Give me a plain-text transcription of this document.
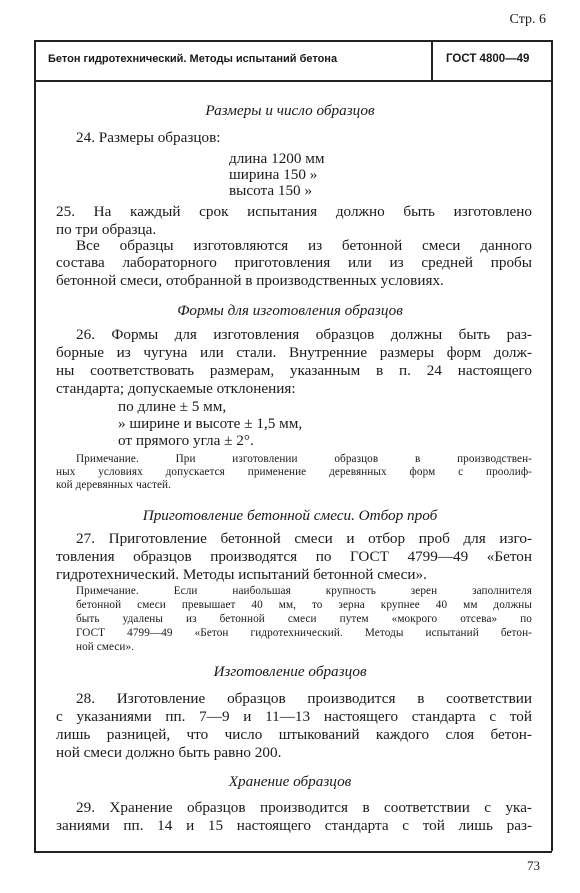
Стр. 6
Бетон гидротехнический. Методы испытаний бетона	ГОСТ 4800—49
Размеры и число образцов
24. Размеры образцов:
длина 1200 мм
ширина 150 »
высота 150 »
25. На каждый срок испытания должно быть изготовлено
по три образца.
Все образцы изготовляются из бетонной смеси данного
состава лабораторного приготовления или из средней пробы
бетонной смеси, отобранной в производственных условиях.
Формы для изготовления образцов
26. Формы для изготовления образцов должны быть раз-
борные из чугуна или стали. Внутренние размеры форм долж-
ны соответствовать размерам, указанным в п. 24 настоящего
стандарта; допускаемые отклонения:
по длине ± 5 мм,
» ширине и высоте ± 1,5 мм,
от прямого угла ± 2°.
Примечание. При изготовлении образцов в производствен-
ных условиях допускается применение деревянных форм с проолиф-
кой деревянных частей.
Приготовление бетонной смеси. Отбор проб
27. Приготовление бетонной смеси и отбор проб для изго-
товления образцов производятся по ГОСТ 4799—49 «Бетон
гидротехнический. Методы испытаний бетонной смеси».
Примечание. Если наибольшая крупность зерен заполнителя
бетонной смеси превышает 40 мм, то зерна крупнее 40 мм должны
быть удалены из бетонной смеси путем «мокрого отсева» по
ГОСТ 4799—49 «Бетон гидротехнический. Методы испытаний бетон-
ной смеси».
Изготовление образцов
28. Изготовление образцов производится в соответствии
с указаниями пп. 7—9 и 11—13 настоящего стандарта с той
лишь разницей, что число штыкований каждого слоя бетон-
ной смеси должно быть равно 200.
Хранение образцов
29. Хранение образцов производится в соответствии с ука-
заниями пп. 14 и 15 настоящего стандарта с той лишь раз-
73
